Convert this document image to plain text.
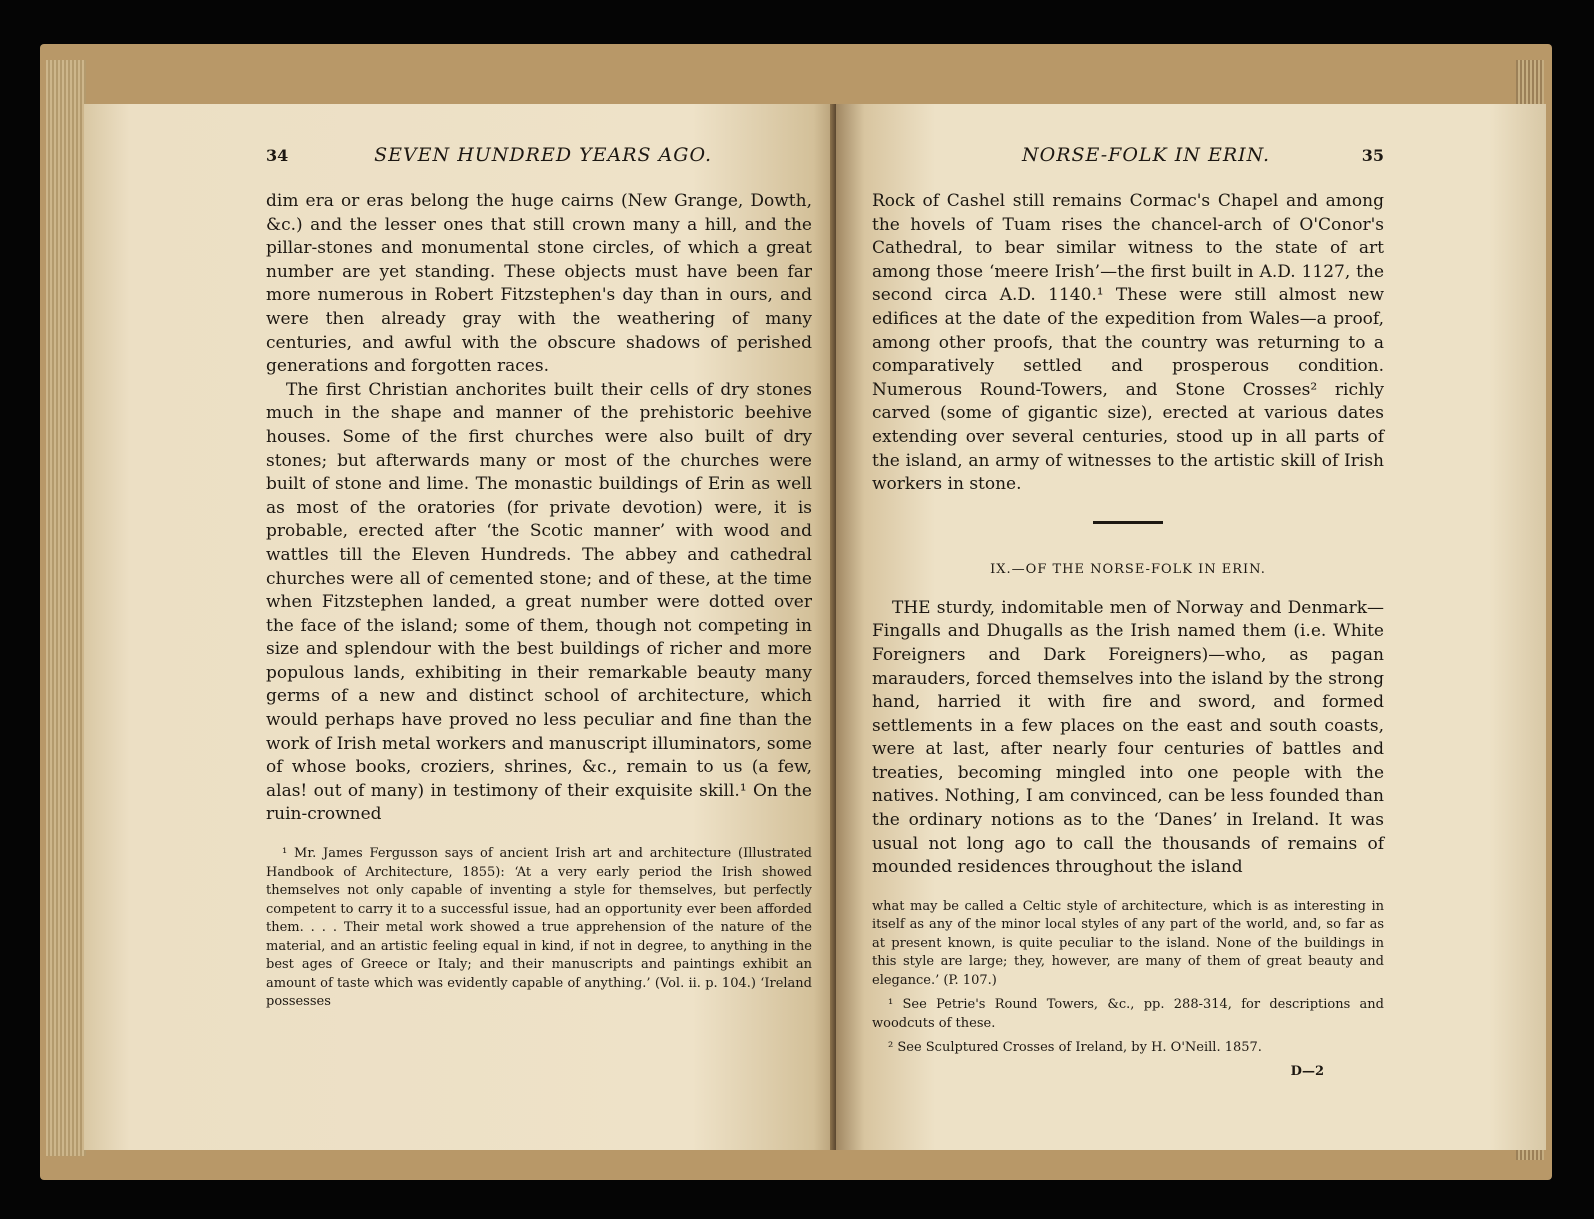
34	SEVEN HUNDRED YEARS AGO.

dim era or eras belong the huge cairns (New Grange, Dowth, &c.) and the lesser ones that still crown many a hill, and the pillar-stones and monumental stone circles, of which a great number are yet standing. These objects must have been far more numerous in Robert Fitzstephen's day than in ours, and were then already gray with the weathering of many centuries, and awful with the obscure shadows of perished generations and forgotten races.

The first Christian anchorites built their cells of dry stones much in the shape and manner of the prehistoric beehive houses. Some of the first churches were also built of dry stones; but afterwards many or most of the churches were built of stone and lime. The monastic buildings of Erin as well as most of the oratories (for private devotion) were, it is probable, erected after ‘the Scotic manner’ with wood and wattles till the Eleven Hundreds. The abbey and cathedral churches were all of cemented stone; and of these, at the time when Fitzstephen landed, a great number were dotted over the face of the island; some of them, though not competing in size and splendour with the best buildings of richer and more populous lands, exhibiting in their remarkable beauty many germs of a new and distinct school of architecture, which would perhaps have proved no less peculiar and fine than the work of Irish metal workers and manuscript illuminators, some of whose books, croziers, shrines, &c., remain to us (a few, alas! out of many) in testimony of their exquisite skill.¹ On the ruin-crowned

¹ Mr. James Fergusson says of ancient Irish art and architecture (Illustrated Handbook of Architecture, 1855): ‘At a very early period the Irish showed themselves not only capable of inventing a style for themselves, but perfectly competent to carry it to a successful issue, had an opportunity ever been afforded them. . . . Their metal work showed a true apprehension of the nature of the material, and an artistic feeling equal in kind, if not in degree, to anything in the best ages of Greece or Italy; and their manuscripts and paintings exhibit an amount of taste which was evidently capable of anything.’ (Vol. ii. p. 104.) ‘Ireland possesses

NORSE-FOLK IN ERIN.	35

Rock of Cashel still remains Cormac's Chapel and among the hovels of Tuam rises the chancel-arch of O'Conor's Cathedral, to bear similar witness to the state of art among those ‘meere Irish’—the first built in A.D. 1127, the second circa A.D. 1140.¹ These were still almost new edifices at the date of the expedition from Wales—a proof, among other proofs, that the country was returning to a comparatively settled and prosperous condition. Numerous Round-Towers, and Stone Crosses² richly carved (some of gigantic size), erected at various dates extending over several centuries, stood up in all parts of the island, an army of witnesses to the artistic skill of Irish workers in stone.

IX.—OF THE NORSE-FOLK IN ERIN.

THE sturdy, indomitable men of Norway and Denmark—Fingalls and Dhugalls as the Irish named them (i.e. White Foreigners and Dark Foreigners)—who, as pagan marauders, forced themselves into the island by the strong hand, harried it with fire and sword, and formed settlements in a few places on the east and south coasts, were at last, after nearly four centuries of battles and treaties, becoming mingled into one people with the natives. Nothing, I am convinced, can be less founded than the ordinary notions as to the ‘Danes’ in Ireland. It was usual not long ago to call the thousands of remains of mounded residences throughout the island

what may be called a Celtic style of architecture, which is as interesting in itself as any of the minor local styles of any part of the world, and, so far as at present known, is quite peculiar to the island. None of the buildings in this style are large; they, however, are many of them of great beauty and elegance.’ (P. 107.)

¹ See Petrie's Round Towers, &c., pp. 288-314, for descriptions and woodcuts of these.

² See Sculptured Crosses of Ireland, by H. O'Neill. 1857.

D—2
